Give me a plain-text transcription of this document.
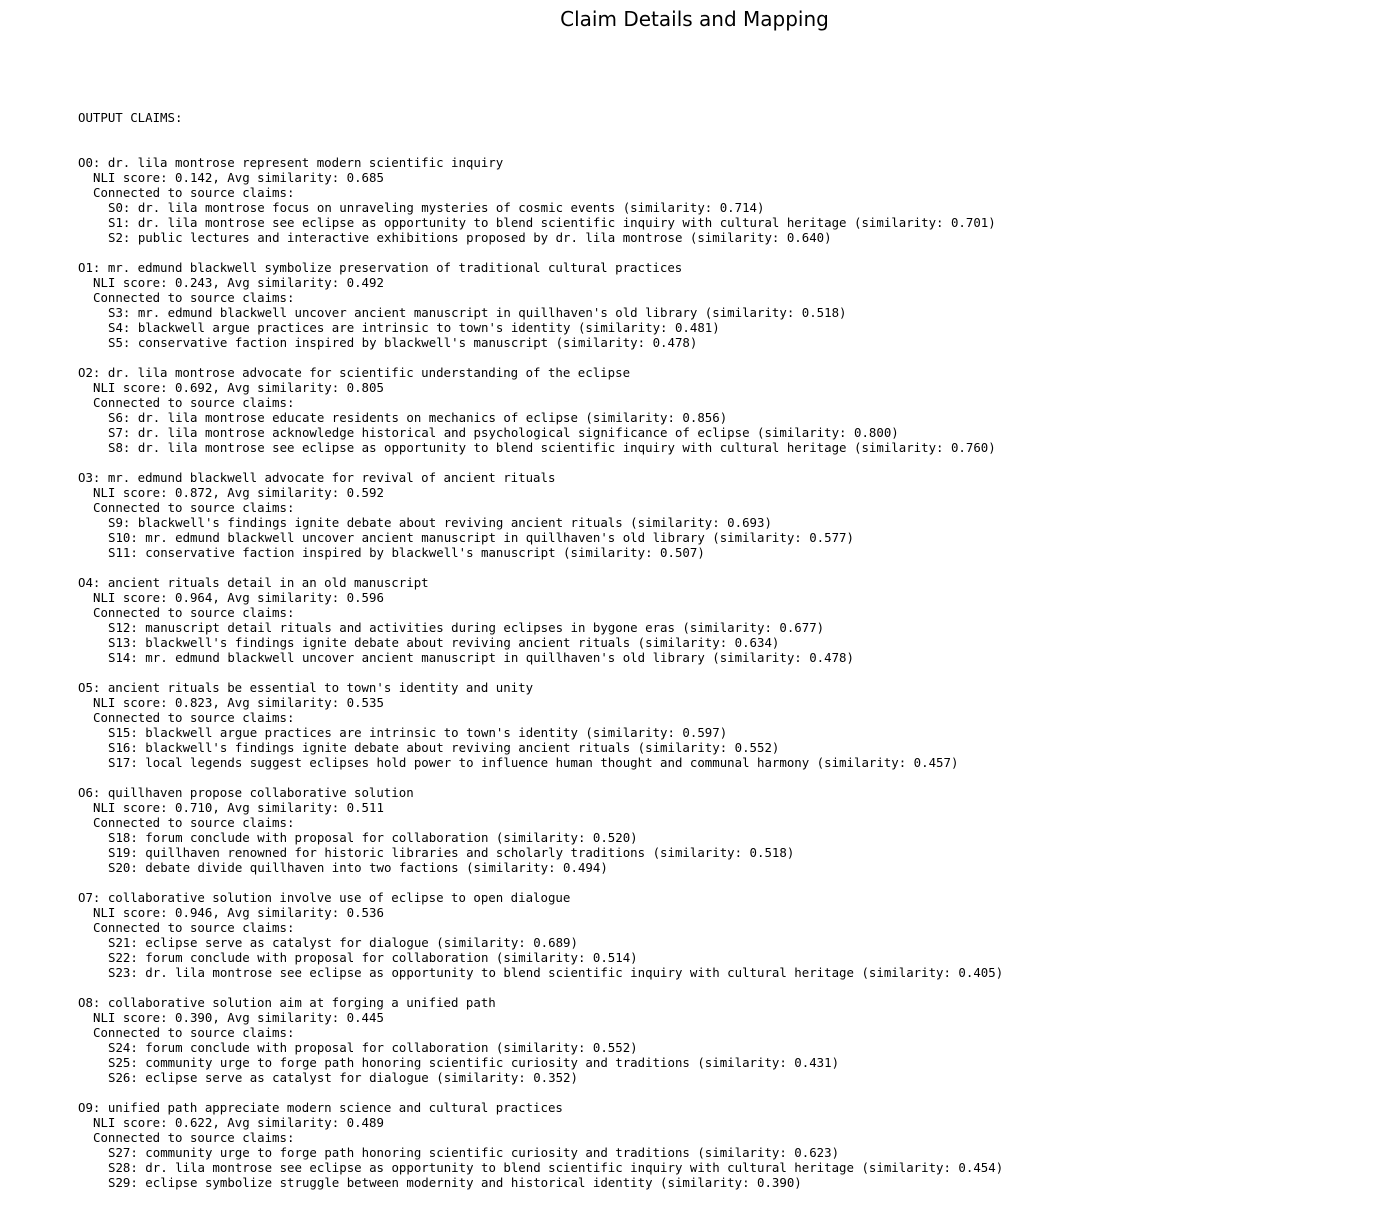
Claim Details and Mapping

OUTPUT CLAIMS:

O0: dr. lila montrose represent modern scientific inquiry
NLI score: 0.142, Avg similarity: 0.685
Connected to source claims:
S0: dr. lila montrose focus on unraveling mysteries of cosmic events (similarity: 0.714)
S1: dr. lila montrose see eclipse as opportunity to blend scientific inquiry with cultural heritage (similarity: 0.701)
S2: public lectures and interactive exhibitions proposed by dr. lila montrose (similarity: 0.640)
O1: mr. edmund blackwell symbolize preservation of traditional cultural practices
NLI score: 0.243, Avg similarity: 0.492
Connected to source claims:
S3: mr. edmund blackwell uncover ancient manuscript in quillhaven's old library (similarity: 0.518)
S4: blackwell argue practices are intrinsic to town's identity (similarity: 0.481)
S5: conservative faction inspired by blackwell's manuscript (similarity: 0.478)
O2: dr. lila montrose advocate for scientific understanding of the eclipse
NLI score: 0.692, Avg similarity: 0.805
Connected to source claims:
S6: dr. lila montrose educate residents on mechanics of eclipse (similarity: 0.856)
S7: dr. lila montrose acknowledge historical and psychological significance of eclipse (similarity: 0.800)
S8: dr. lila montrose see eclipse as opportunity to blend scientific inquiry with cultural heritage (similarity: 0.760)
O3: mr. edmund blackwell advocate for revival of ancient rituals
NLI score: 0.872, Avg similarity: 0.592
Connected to source claims:
S9: blackwell's findings ignite debate about reviving ancient rituals (similarity: 0.693)
S10: mr. edmund blackwell uncover ancient manuscript in quillhaven's old library (similarity: 0.577)
S11: conservative faction inspired by blackwell's manuscript (similarity: 0.507)
O4: ancient rituals detail in an old manuscript
NLI score: 0.964, Avg similarity: 0.596
Connected to source claims:
S12: manuscript detail rituals and activities during eclipses in bygone eras (similarity: 0.677)
S13: blackwell's findings ignite debate about reviving ancient rituals (similarity: 0.634)
S14: mr. edmund blackwell uncover ancient manuscript in quillhaven's old library (similarity: 0.478)
O5: ancient rituals be essential to town's identity and unity
NLI score: 0.823, Avg similarity: 0.535
Connected to source claims:
S15: blackwell argue practices are intrinsic to town's identity (similarity: 0.597)
S16: blackwell's findings ignite debate about reviving ancient rituals (similarity: 0.552)
S17: local legends suggest eclipses hold power to influence human thought and communal harmony (similarity: 0.457)
O6: quillhaven propose collaborative solution
NLI score: 0.710, Avg similarity: 0.511
Connected to source claims:
S18: forum conclude with proposal for collaboration (similarity: 0.520)
S19: quillhaven renowned for historic libraries and scholarly traditions (similarity: 0.518)
S20: debate divide quillhaven into two factions (similarity: 0.494)
O7: collaborative solution involve use of eclipse to open dialogue
NLI score: 0.946, Avg similarity: 0.536
Connected to source claims:
S21: eclipse serve as catalyst for dialogue (similarity: 0.689)
S22: forum conclude with proposal for collaboration (similarity: 0.514)
S23: dr. lila montrose see eclipse as opportunity to blend scientific inquiry with cultural heritage (similarity: 0.405)
O8: collaborative solution aim at forging a unified path
NLI score: 0.390, Avg similarity: 0.445
Connected to source claims:
S24: forum conclude with proposal for collaboration (similarity: 0.552)
S25: community urge to forge path honoring scientific curiosity and traditions (similarity: 0.431)
S26: eclipse serve as catalyst for dialogue (similarity: 0.352)
O9: unified path appreciate modern science and cultural practices
NLI score: 0.622, Avg similarity: 0.489
Connected to source claims:
S27: community urge to forge path honoring scientific curiosity and traditions (similarity: 0.623)
S28: dr. lila montrose see eclipse as opportunity to blend scientific inquiry with cultural heritage (similarity: 0.454)
S29: eclipse symbolize struggle between modernity and historical identity (similarity: 0.390)
